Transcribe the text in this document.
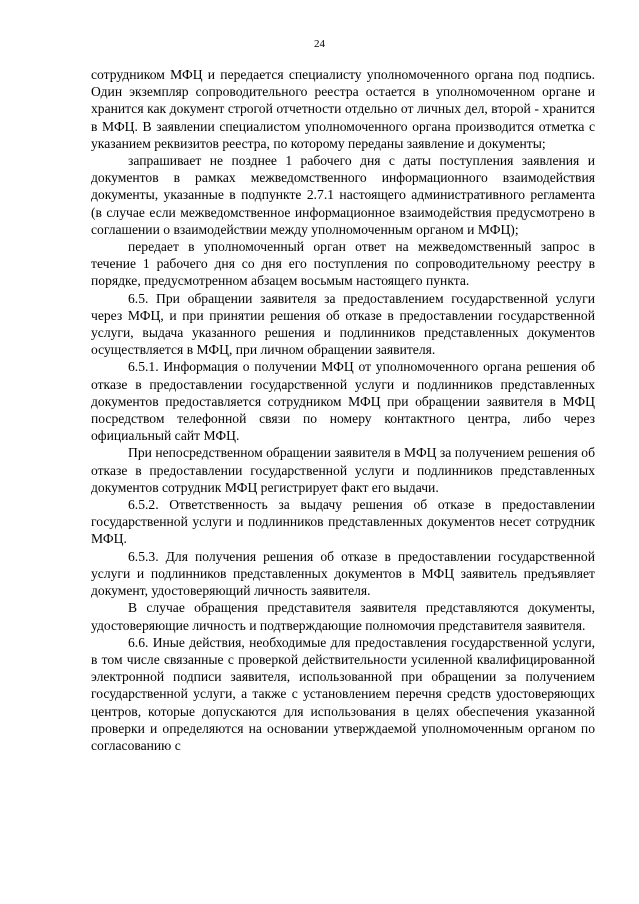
24

сотрудником МФЦ и передается специалисту уполномоченного органа под подпись. Один экземпляр сопроводительного реестра остается в уполномоченном органе и хранится как документ строгой отчетности отдельно от личных дел, второй - хранится в МФЦ. В заявлении специалистом уполномоченного органа производится отметка с указанием реквизитов реестра, по которому переданы заявление и документы;

запрашивает не позднее 1 рабочего дня с даты поступления заявления и документов в рамках межведомственного информационного взаимодействия документы, указанные в подпункте 2.7.1 настоящего административного регламента (в случае если межведомственное информационное взаимодействия предусмотрено в соглашении о взаимодействии между уполномоченным органом и МФЦ);

передает в уполномоченный орган ответ на межведомственный запрос в течение 1 рабочего дня со дня его поступления по сопроводительному реестру в порядке, предусмотренном абзацем восьмым настоящего пункта.

6.5. При обращении заявителя за предоставлением государственной услуги через МФЦ, и при принятии решения об отказе в предоставлении государственной услуги, выдача указанного решения и подлинников представленных документов осуществляется в МФЦ, при личном обращении заявителя.

6.5.1. Информация о получении МФЦ от уполномоченного органа решения об отказе в предоставлении государственной услуги и подлинников представленных документов предоставляется сотрудником МФЦ при обращении заявителя в МФЦ посредством телефонной связи по номеру контактного центра, либо через официальный сайт МФЦ.

При непосредственном обращении заявителя в МФЦ за получением решения об отказе в предоставлении государственной услуги и подлинников представленных документов сотрудник МФЦ регистрирует факт его выдачи.

6.5.2. Ответственность за выдачу решения об отказе в предоставлении государственной услуги и подлинников представленных документов несет сотрудник МФЦ.

6.5.3. Для получения решения об отказе в предоставлении государственной услуги и подлинников представленных документов в МФЦ заявитель предъявляет документ, удостоверяющий личность заявителя.

В случае обращения представителя заявителя представляются документы, удостоверяющие личность и подтверждающие полномочия представителя заявителя.

6.6. Иные действия, необходимые для предоставления государственной услуги, в том числе связанные с проверкой действительности усиленной квалифицированной электронной подписи заявителя, использованной при обращении за получением государственной услуги, а также с установлением перечня средств удостоверяющих центров, которые допускаются для использования в целях обеспечения указанной проверки и определяются на основании утверждаемой уполномоченным органом по согласованию с
